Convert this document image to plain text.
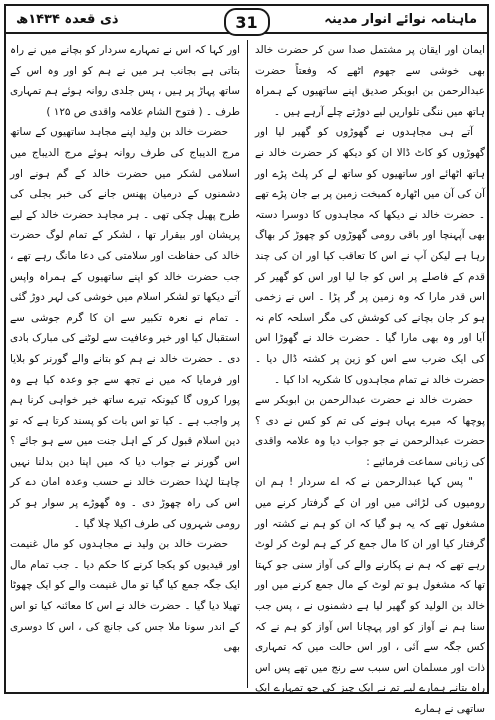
ذی قعدہ ۱۴۳۴ھ	ماہنامہ نوائے انوار مدینہ
31

ایمان اور ایقان پر مشتمل صدا سن کر حضرت خالد بھی خوشی سے جھوم اٹھے کہ وفعتاً حضرت عبدالرحمن بن ابوبکر صدیق اپنے ساتھیوں کے ہمراہ ہاتھ میں ننگی تلواریں لیے دوڑتے چلے آرہے ہیں ۔

آتے ہی مجاہدوں نے گھوڑوں کو گھیر لیا اور گھوڑوں کو کاٹ ڈالا ان کو دیکھ کر حضرت خالد نے ہاتھ اٹھائے اور ساتھیوں کو ساتھ لے کر پلٹ پڑے اور آن کی آن میں اٹھارہ کمبخت زمین پر بے جان پڑے تھے ۔ حضرت خالد نے دیکھا کہ مجاہدوں کا دوسرا دستہ بھی آپہنچا اور باقی رومی گھوڑوں کو چھوڑ کر بھاگ رہا ہے لیکن آپ نے اس کا تعاقب کیا اور ان کی چند قدم کے فاصلے پر اس کو جا لیا اور اس کو گھیر کر اس قدر مارا کہ وہ زمین پر گر پڑا ۔ اس نے زخمی ہو کر جان بچانے کی کوشش کی مگر اسلحہ کام نہ آیا اور وہ بھی مارا گیا ۔ حضرت خالد نے گھوڑا اس کی ایک ضرب سے اس کو زین پر کشتہ ڈال دیا ۔ حضرت خالد نے تمام مجاہدوں کا شکریہ ادا کیا ۔

حضرت خالد نے حضرت عبدالرحمن بن ابوبکر سے پوچھا کہ میرے یہاں ہونے کی تم کو کس نے دی ؟ حضرت عبدالرحمن نے جو جواب دیا وہ علامہ واقدی کی زبانی سماعت فرمائیے :

" پس کہا عبدالرحمن نے کہ اے سردار ! ہم ان رومیوں کی لڑائی میں اور ان کے گرفتار کرنے میں مشغول تھے کہ یہ ہو گیا کہ ان کو ہم نے کشتہ اور گرفتار کیا اور ان کا مال جمع کر کے ہم لوٹ کر لوٹ رہے تھے کہ ہم نے پکارنے والے کی آواز سنی جو کہتا تھا کہ مشغول ہو تم لوٹ کے مال جمع کرنے میں اور خالد بن الولید کو گھیر لیا ہے دشمنوں نے ، پس جب سنا ہم نے آواز کو اور پہچانا اس آواز کو ہم نے کہ کس جگہ سے آئی ، اور اس حالت میں کہ تمہاری ذات اور مسلمان اس سبب سے رنج میں تھے پس اس راہ بتانے ہمارے لیے تم نے ایک چیز کی جو تمہارے ایک ساتھی نے ہمارے

اور کہا کہ اس نے تمہارے سردار کو بچانے میں نے راہ بتاتی ہے بجانب ہر میں نے ہم کو اور وہ اس کے ساتھ پہاڑ پر ہیں ، پس جلدی روانہ ہوئے ہم تمہاری طرف ۔ ( فتوح الشام علامہ واقدی ص ۱۲۵ )

حضرت خالد بن ولید اپنے مجاہد ساتھیوں کے ساتھ مرج الدیباج کی طرف روانہ ہوئے مرج الدیباج میں اسلامی لشکر میں حضرت خالد کے گم ہونے اور دشمنوں کے درمیان پھنس جانے کی خبر بجلی کی طرح پھیل چکی تھی ۔ ہر مجاہد حضرت خالد کے لیے پریشان اور بیقرار تھا ، لشکر کے تمام لوگ حضرت خالد کی حفاظت اور سلامتی کی دعا مانگ رہے تھے ، جب حضرت خالد کو اپنے ساتھیوں کے ہمراہ واپس آتے دیکھا تو لشکر اسلام میں خوشی کی لہر دوڑ گئی ۔ تمام نے نعرہ تکبیر سے ان کا گرم جوشی سے استقبال کیا اور خیر وعافیت سے لوٹنے کی مبارک بادی دی ۔ حضرت خالد نے ہم کو بتانے والے گورنر کو بلایا اور فرمایا کہ میں نے تجھ سے جو وعدہ کیا ہے وہ پورا کروں گا کیونکہ تیرے ساتھ خیر خواہی کرنا ہم پر واجب ہے ۔ کیا تو اس بات کو پسند کرتا ہے کہ تو دین اسلام قبول کر کے اہل جنت میں سے ہو جائے ؟ اس گورنر نے جواب دیا کہ میں اپنا دین بدلنا نہیں چاہتا لہٰذا حضرت خالد نے حسب وعدہ امان دے کر اس کی راہ چھوڑ دی ۔ وہ گھوڑے پر سوار ہو کر رومی شہروں کی طرف اکیلا چلا گیا ۔

حضرت خالد بن ولید نے مجاہدوں کو مال غنیمت اور قیدیوں کو یکجا کرنے کا حکم دیا ۔ جب تمام مال ایک جگہ جمع کیا گیا تو مال غنیمت والے کو ایک چھوٹا تھیلا دیا گیا ۔ حضرت خالد نے اس کا معائنہ کیا تو اس کے اندر سونا ملا جس کی جانچ کی ، اس کا دوسری بھی
